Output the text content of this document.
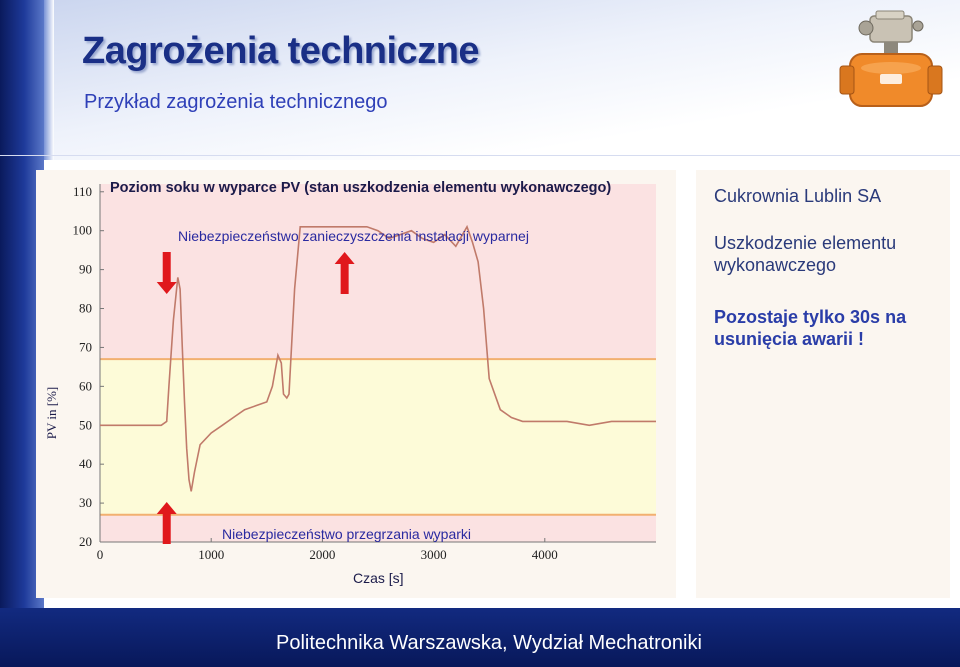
Zagrożenia techniczne

Przykład zagrożenia technicznego

20
30
40
50
60
70
80
90
100
110
0	1000	2000	3000	4000
Poziom soku w wyparce PV (stan uszkodzenia elementu wykonawczego)
Niebezpieczeństwo zanieczyszczenia instalacji wyparnej
Niebezpieczeństwo przegrzania wyparki
Czas [s]
PV in [%]
Cukrownia Lublin SA
Uszkodzenie elementu wykonawczego
Pozostaje tylko 30s na usunięcia awarii !
Politechnika Warszawska, Wydział Mechatroniki
